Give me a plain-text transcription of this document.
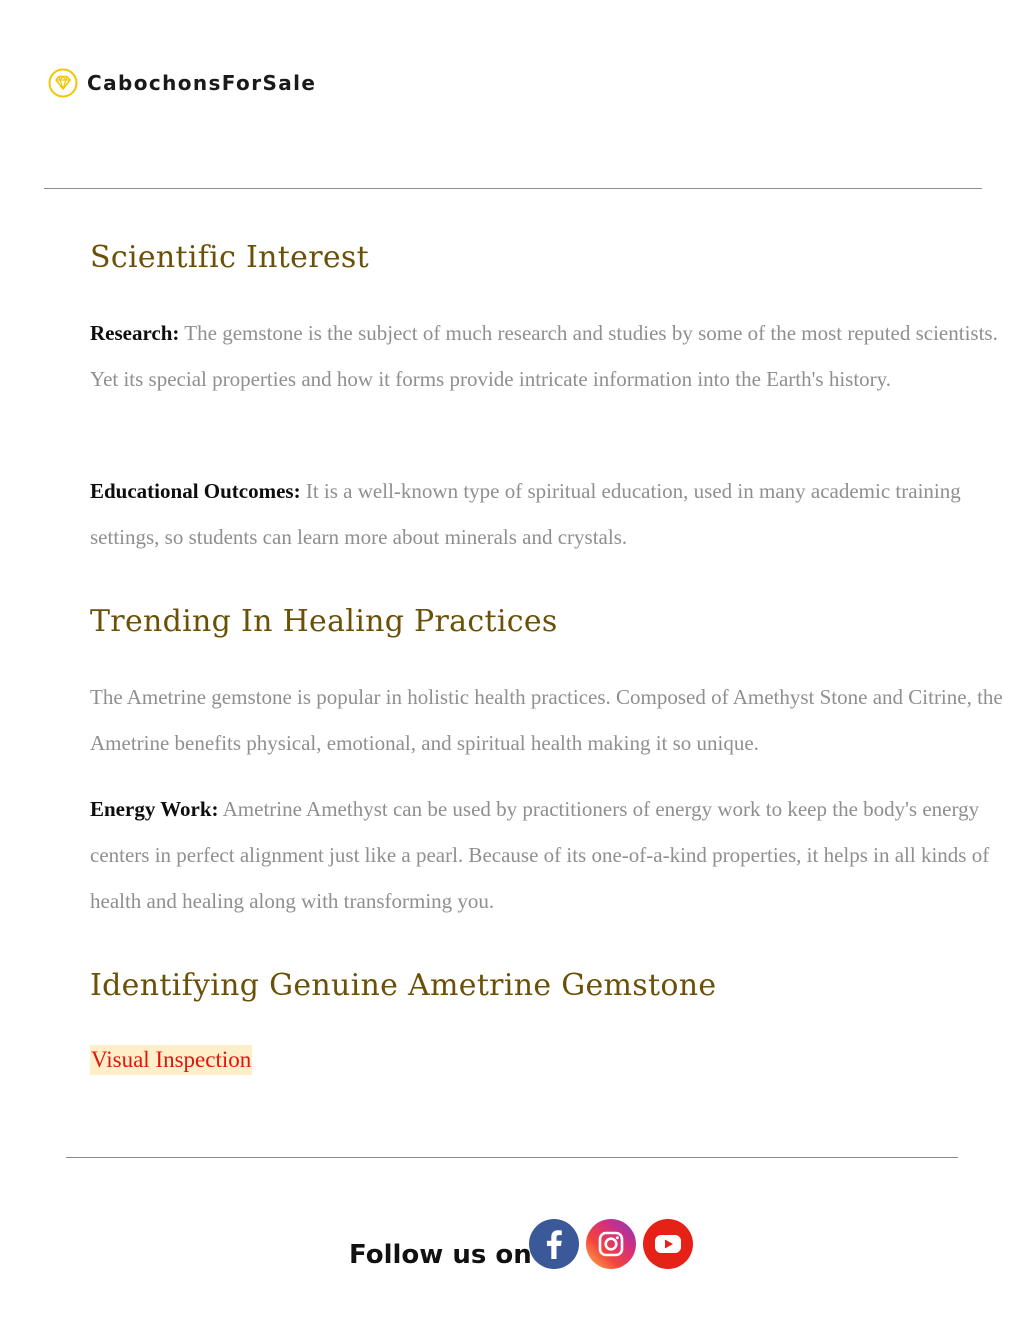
CabochonsForSale
Scientific Interest

Research: The gemstone is the subject of much research and studies by some of the most reputed scientists. Yet its special properties and how it forms provide intricate information into the Earth's history.

Educational Outcomes: It is a well-known type of spiritual education, used in many academic training settings, so students can learn more about minerals and crystals.

Trending In Healing Practices

The Ametrine gemstone is popular in holistic health practices. Composed of Amethyst Stone and Citrine, the Ametrine benefits physical, emotional, and spiritual health making it so unique.

Energy Work: Ametrine Amethyst can be used by practitioners of energy work to keep the body's energy centers in perfect alignment just like a pearl. Because of its one-of-a-kind properties, it helps in all kinds of health and healing along with transforming you.

Identifying Genuine Ametrine Gemstone
Visual Inspection
Follow us on
